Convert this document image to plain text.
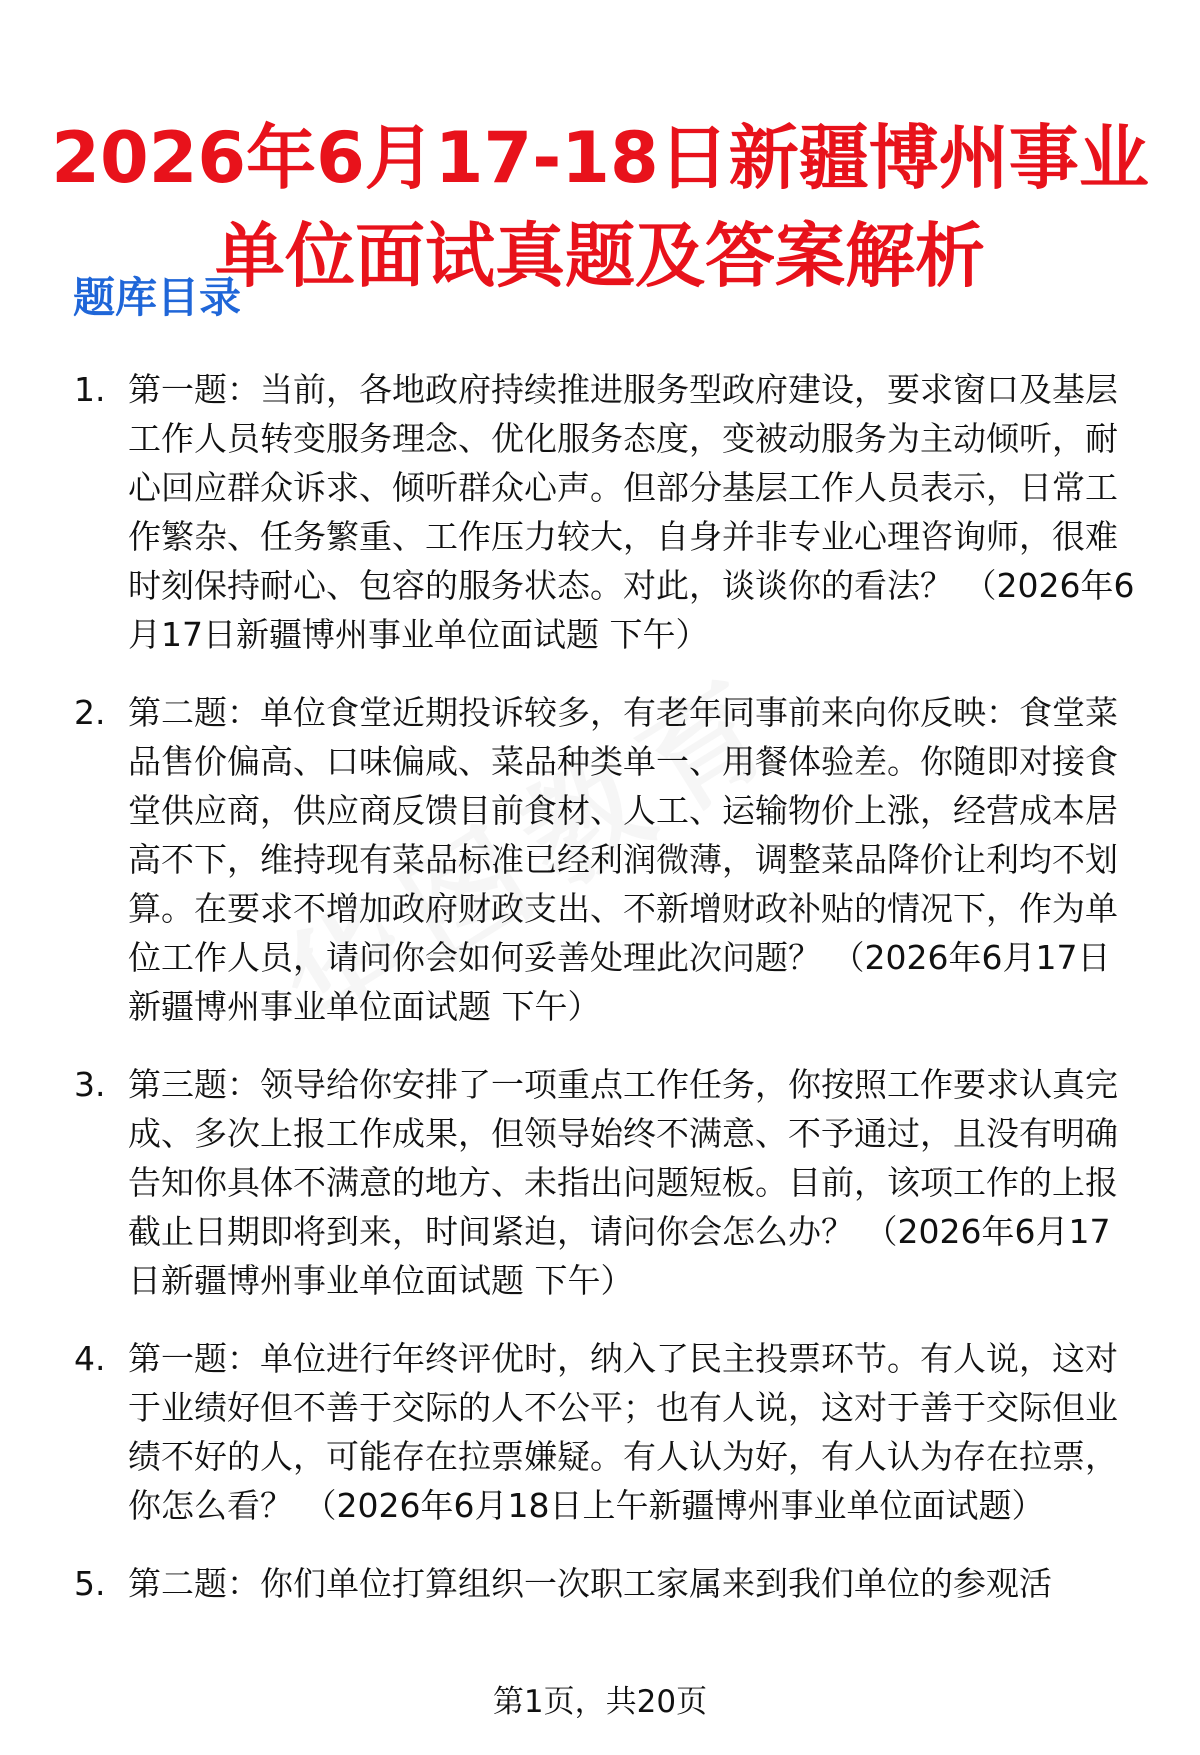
2026年6月17-18日新疆博州事业单位面试真题及答案解析
题库目录
1. 第一题：当前，各地政府持续推进服务型政府建设，要求窗口及基层工作人员转变服务理念、优化服务态度，变被动服务为主动倾听，耐心回应群众诉求、倾听群众心声。但部分基层工作人员表示，日常工作繁杂、任务繁重、工作压力较大，自身并非专业心理咨询师，很难时刻保持耐心、包容的服务状态。对此，谈谈你的看法？ （2026年6月17日新疆博州事业单位面试题 下午）
2. 第二题：单位食堂近期投诉较多，有老年同事前来向你反映：食堂菜品售价偏高、口味偏咸、菜品种类单一、用餐体验差。你随即对接食堂供应商，供应商反馈目前食材、人工、运输物价上涨，经营成本居高不下，维持现有菜品标准已经利润微薄，调整菜品降价让利均不划算。在要求不增加政府财政支出、不新增财政补贴的情况下，作为单位工作人员，请问你会如何妥善处理此次问题？ （2026年6月17日新疆博州事业单位面试题 下午）
3. 第三题：领导给你安排了一项重点工作任务，你按照工作要求认真完成、多次上报工作成果，但领导始终不满意、不予通过，且没有明确告知你具体不满意的地方、未指出问题短板。目前，该项工作的上报截止日期即将到来，时间紧迫，请问你会怎么办？ （2026年6月17日新疆博州事业单位面试题 下午）
4. 第一题：单位进行年终评优时，纳入了民主投票环节。有人说，这对于业绩好但不善于交际的人不公平；也有人说，这对于善于交际但业绩不好的人，可能存在拉票嫌疑。有人认为好，有人认为存在拉票，你怎么看？ （2026年6月18日上午新疆博州事业单位面试题）
5. 第二题：你们单位打算组织一次职工家属来到我们单位的参观活
第1页，共20页
